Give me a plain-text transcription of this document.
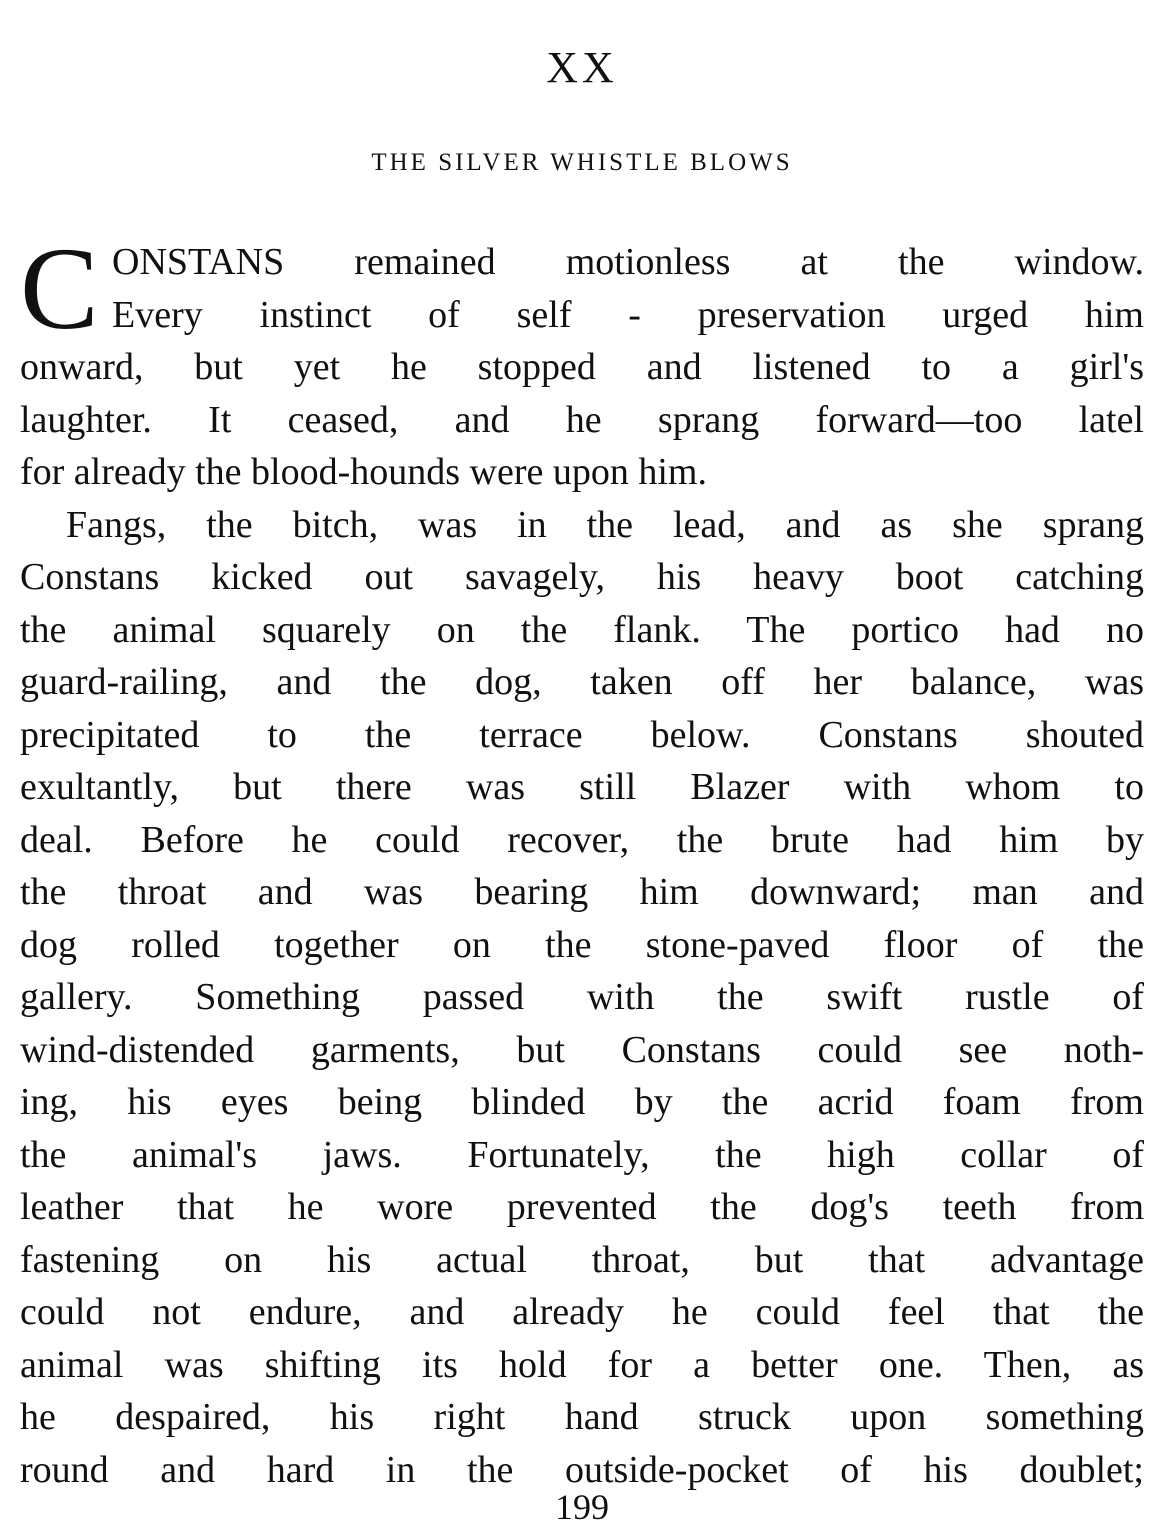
XX
THE SILVER WHISTLE BLOWS
C ONSTANS remained motionless at the window.
Every instinct of self - preservation urged him
onward, but yet he stopped and listened to a girl's
laughter. It ceased, and he sprang forward—too latel
for already the blood-hounds were upon him.
Fangs, the bitch, was in the lead, and as she sprang
Constans kicked out savagely, his heavy boot catching
the animal squarely on the flank. The portico had no
guard-railing, and the dog, taken off her balance, was
precipitated to the terrace below. Constans shouted
exultantly, but there was still Blazer with whom to
deal. Before he could recover, the brute had him by
the throat and was bearing him downward; man and
dog rolled together on the stone-paved floor of the
gallery. Something passed with the swift rustle of
wind-distended garments, but Constans could see noth-
ing, his eyes being blinded by the acrid foam from
the animal's jaws. Fortunately, the high collar of
leather that he wore prevented the dog's teeth from
fastening on his actual throat, but that advantage
could not endure, and already he could feel that the
animal was shifting its hold for a better one. Then, as
he despaired, his right hand struck upon something
round and hard in the outside-pocket of his doublet;
199
